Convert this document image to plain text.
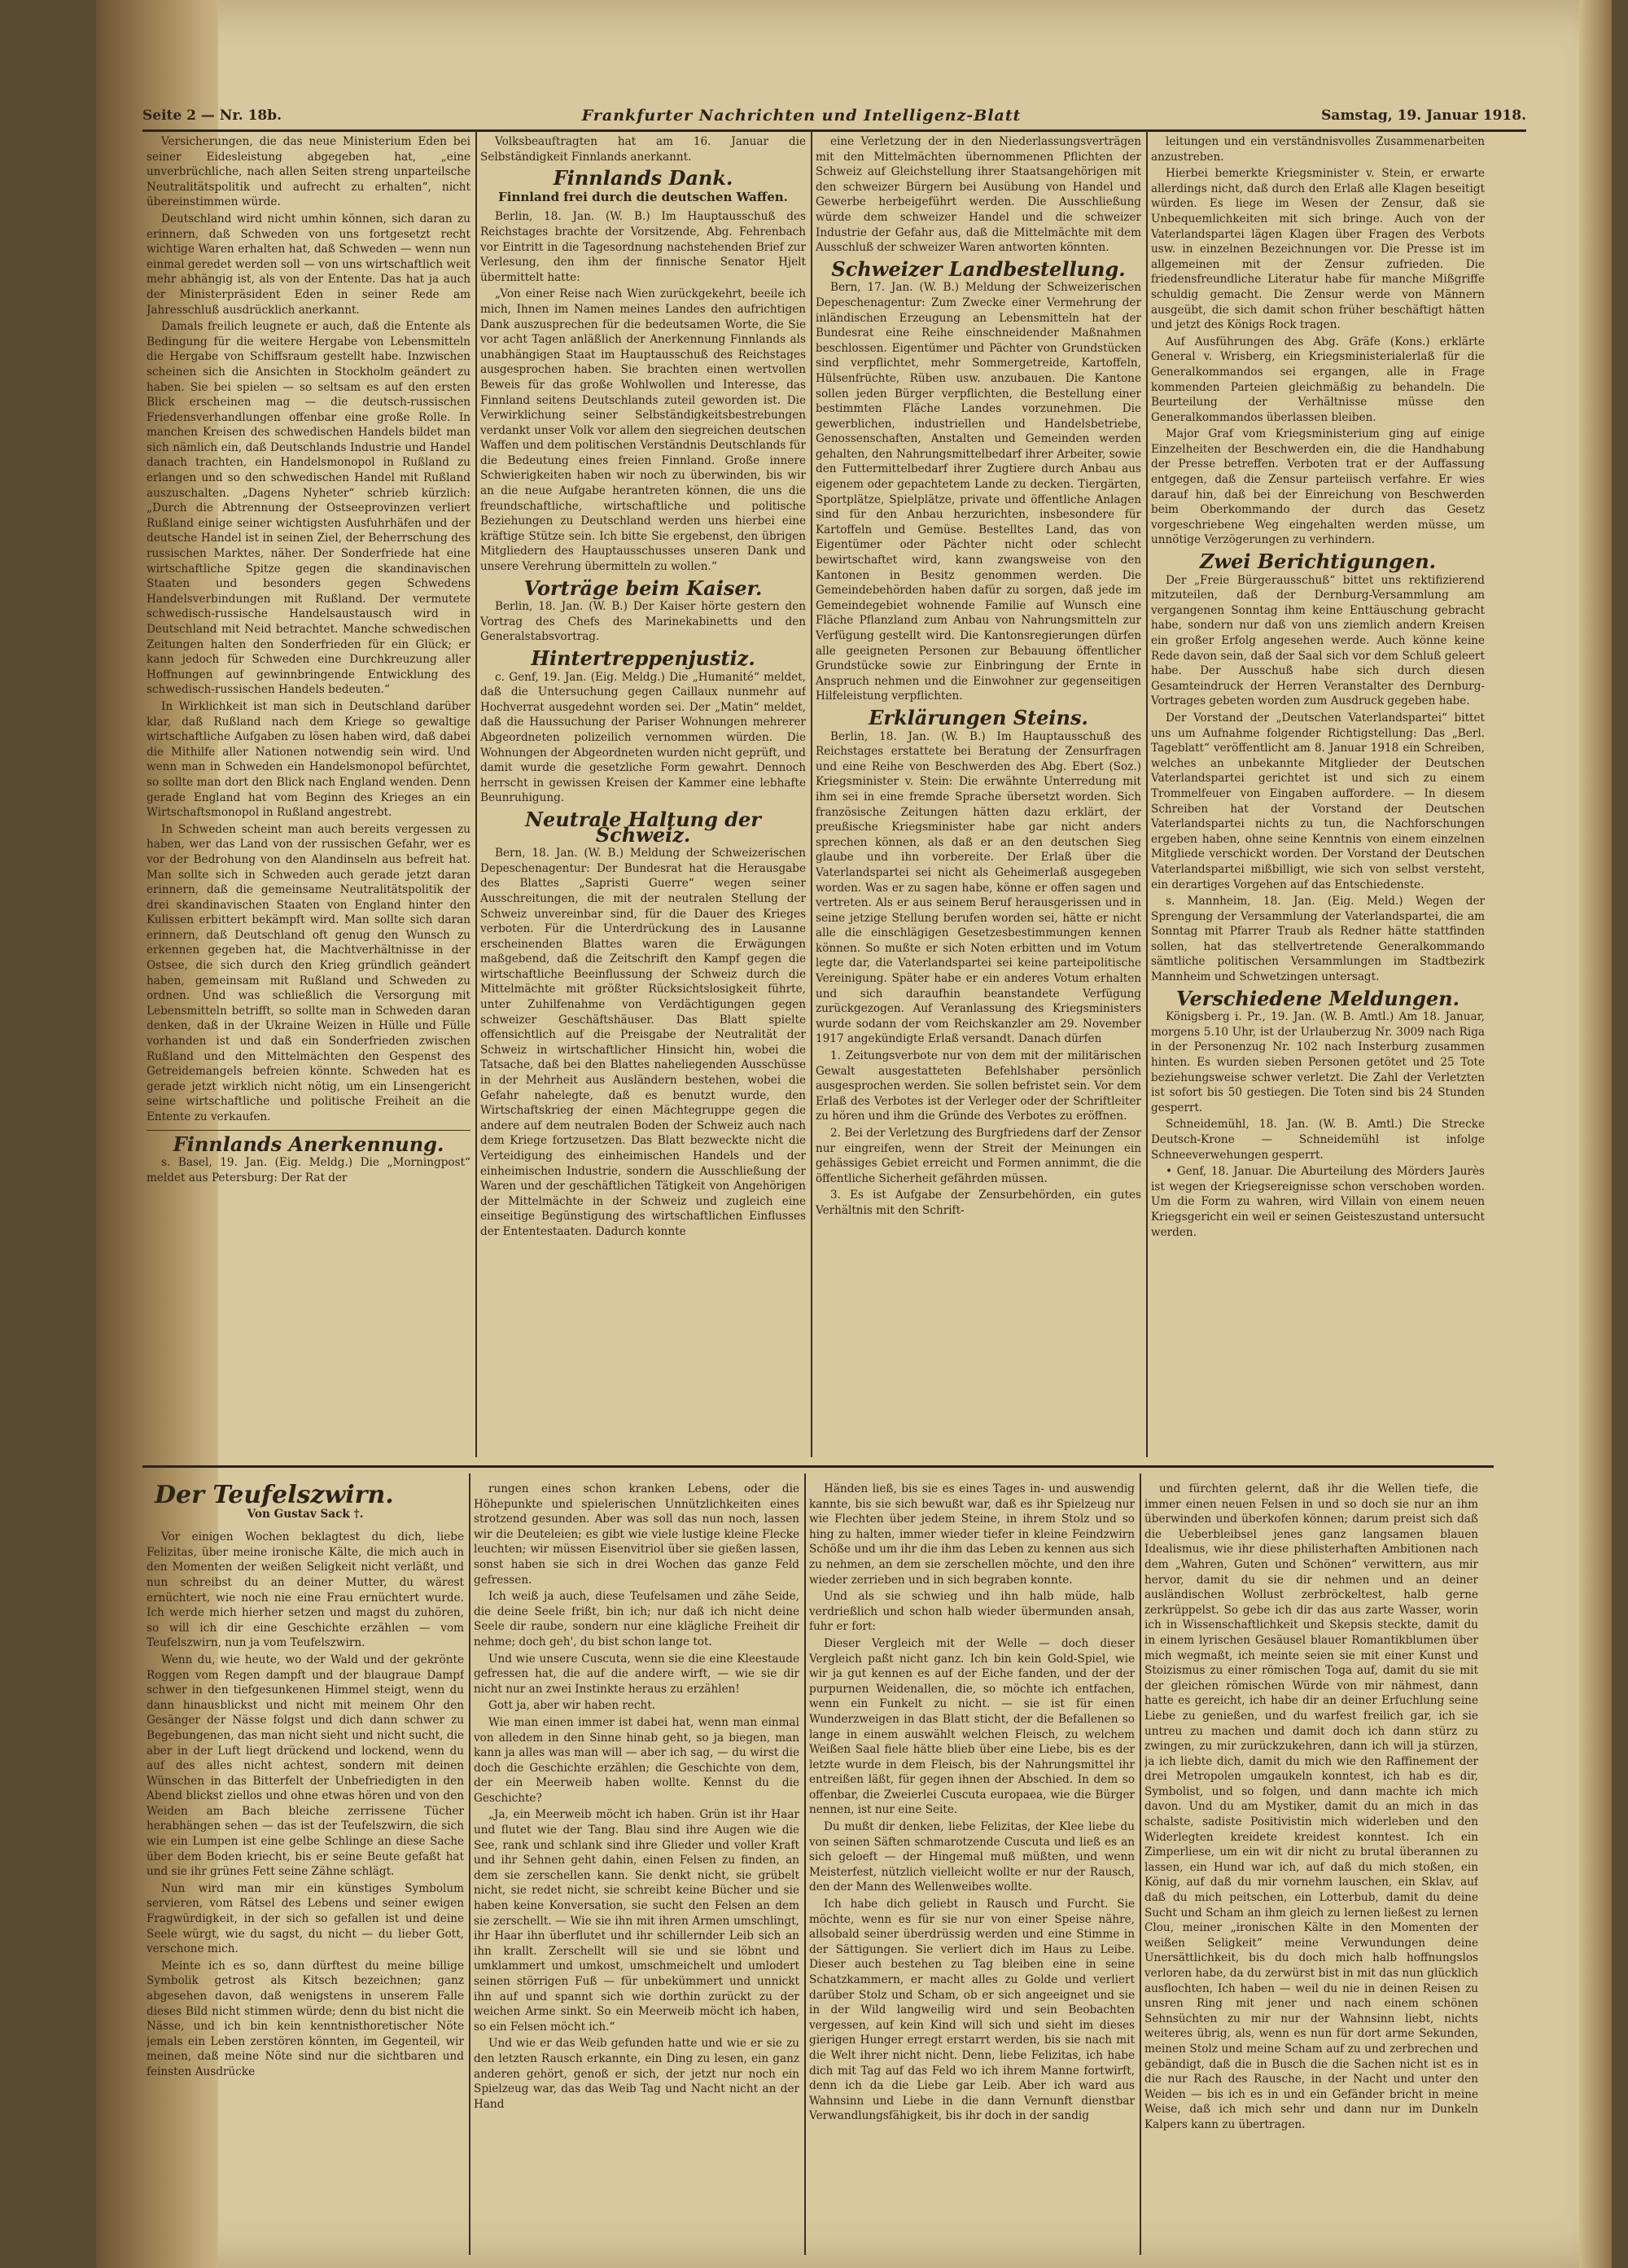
Seite 2 — Nr. 18b.	Frankfurter Nachrichten und Intelligenz-Blatt	Samstag, 19. Januar 1918.

Versicherungen, die das neue Ministerium Eden bei seiner Eidesleistung abgegeben hat, „eine unverbrüchliche, nach allen Seiten streng unparteilsche Neutralitätspolitik und aufrecht zu erhalten“, nicht übereinstimmen würde.

Deutschland wird nicht umhin können, sich daran zu erinnern, daß Schweden von uns fortgesetzt recht wichtige Waren erhalten hat, daß Schweden — wenn nun einmal geredet werden soll — von uns wirtschaftlich weit mehr abhängig ist, als von der Entente. Das hat ja auch der Ministerpräsident Eden in seiner Rede am Jahresschluß ausdrücklich anerkannt.

Damals freilich leugnete er auch, daß die Entente als Bedingung für die weitere Hergabe von Lebensmitteln die Hergabe von Schiffsraum gestellt habe. Inzwischen scheinen sich die Ansichten in Stockholm geändert zu haben. Sie bei spielen — so seltsam es auf den ersten Blick erscheinen mag — die deutsch-russischen Friedensverhandlungen offenbar eine große Rolle. In manchen Kreisen des schwedischen Handels bildet man sich nämlich ein, daß Deutschlands Industrie und Handel danach trachten, ein Handelsmonopol in Rußland zu erlangen und so den schwedischen Handel mit Rußland auszuschalten. „Dagens Nyheter“ schrieb kürzlich: „Durch die Abtrennung der Ostseeprovinzen verliert Rußland einige seiner wichtigsten Ausfuhrhäfen und der deutsche Handel ist in seinen Ziel, der Beherrschung des russischen Marktes, näher. Der Sonderfriede hat eine wirtschaftliche Spitze gegen die skandinavischen Staaten und besonders gegen Schwedens Handelsverbindungen mit Rußland. Der vermutete schwedisch-russische Handelsaustausch wird in Deutschland mit Neid betrachtet. Manche schwedischen Zeitungen halten den Sonderfrieden für ein Glück; er kann jedoch für Schweden eine Durchkreuzung aller Hoffnungen auf gewinnbringende Entwicklung des schwedisch-russischen Handels bedeuten.“

In Wirklichkeit ist man sich in Deutschland darüber klar, daß Rußland nach dem Kriege so gewaltige wirtschaftliche Aufgaben zu lösen haben wird, daß dabei die Mithilfe aller Nationen notwendig sein wird. Und wenn man in Schweden ein Handelsmonopol befürchtet, so sollte man dort den Blick nach England wenden. Denn gerade England hat vom Beginn des Krieges an ein Wirtschaftsmonopol in Rußland angestrebt.

In Schweden scheint man auch bereits vergessen zu haben, wer das Land von der russischen Gefahr, wer es vor der Bedrohung von den Alandinseln aus befreit hat. Man sollte sich in Schweden auch gerade jetzt daran erinnern, daß die gemeinsame Neutralitätspolitik der drei skandinavischen Staaten von England hinter den Kulissen erbittert bekämpft wird. Man sollte sich daran erinnern, daß Deutschland oft genug den Wunsch zu erkennen gegeben hat, die Machtverhältnisse in der Ostsee, die sich durch den Krieg gründlich geändert haben, gemeinsam mit Rußland und Schweden zu ordnen. Und was schließlich die Versorgung mit Lebensmitteln betrifft, so sollte man in Schweden daran denken, daß in der Ukraine Weizen in Hülle und Fülle vorhanden ist und daß ein Sonderfrieden zwischen Rußland und den Mittelmächten den Gespenst des Getreidemangels befreien könnte. Schweden hat es gerade jetzt wirklich nicht nötig, um ein Linsengericht seine wirtschaftliche und politische Freiheit an die Entente zu verkaufen.

Finnlands Anerkennung.

s. Basel, 19. Jan. (Eig. Meldg.) Die „Morningpost“ meldet aus Petersburg: Der Rat der

Volksbeauftragten hat am 16. Januar die Selbständigkeit Finnlands anerkannt.

Finnlands Dank.
Finnland frei durch die deutschen Waffen.

Berlin, 18. Jan. (W. B.) Im Hauptausschuß des Reichstages brachte der Vorsitzende, Abg. Fehrenbach vor Eintritt in die Tagesordnung nachstehenden Brief zur Verlesung, den ihm der finnische Senator Hjelt übermittelt hatte:

„Von einer Reise nach Wien zurückgekehrt, beeile ich mich, Ihnen im Namen meines Landes den aufrichtigen Dank auszusprechen für die bedeutsamen Worte, die Sie vor acht Tagen anläßlich der Anerkennung Finnlands als unabhängigen Staat im Hauptausschuß des Reichstages ausgesprochen haben. Sie brachten einen wertvollen Beweis für das große Wohlwollen und Interesse, das Finnland seitens Deutschlands zuteil geworden ist. Die Verwirklichung seiner Selbständigkeitsbestrebungen verdankt unser Volk vor allem den siegreichen deutschen Waffen und dem politischen Verständnis Deutschlands für die Bedeutung eines freien Finnland. Große innere Schwierigkeiten haben wir noch zu überwinden, bis wir an die neue Aufgabe herantreten können, die uns die freundschaftliche, wirtschaftliche und politische Beziehungen zu Deutschland werden uns hierbei eine kräftige Stütze sein. Ich bitte Sie ergebenst, den übrigen Mitgliedern des Hauptausschusses unseren Dank und unsere Verehrung übermitteln zu wollen.“

Vorträge beim Kaiser.

Berlin, 18. Jan. (W. B.) Der Kaiser hörte gestern den Vortrag des Chefs des Marinekabinetts und den Generalstabsvortrag.

Hintertreppenjustiz.

c. Genf, 19. Jan. (Eig. Meldg.) Die „Humanité“ meldet, daß die Untersuchung gegen Caillaux nunmehr auf Hochverrat ausgedehnt worden sei. Der „Matin“ meldet, daß die Haussuchung der Pariser Wohnungen mehrerer Abgeordneten polizeilich vernommen würden. Die Wohnungen der Abgeordneten wurden nicht geprüft, und damit wurde die gesetzliche Form gewahrt. Dennoch herrscht in gewissen Kreisen der Kammer eine lebhafte Beunruhigung.

Neutrale Haltung der Schweiz.

Bern, 18. Jan. (W. B.) Meldung der Schweizerischen Depeschenagentur: Der Bundesrat hat die Herausgabe des Blattes „Sapristi Guerre“ wegen seiner Ausschreitungen, die mit der neutralen Stellung der Schweiz unvereinbar sind, für die Dauer des Krieges verboten. Für die Unterdrückung des in Lausanne erscheinenden Blattes waren die Erwägungen maßgebend, daß die Zeitschrift den Kampf gegen die wirtschaftliche Beeinflussung der Schweiz durch die Mittelmächte mit größter Rücksichtslosigkeit führte, unter Zuhilfenahme von Verdächtigungen gegen schweizer Geschäftshäuser. Das Blatt spielte offensichtlich auf die Preisgabe der Neutralität der Schweiz in wirtschaftlicher Hinsicht hin, wobei die Tatsache, daß bei den Blattes naheliegenden Ausschüsse in der Mehrheit aus Ausländern bestehen, wobei die Gefahr nahelegte, daß es benutzt wurde, den Wirtschaftskrieg der einen Mächtegruppe gegen die andere auf dem neutralen Boden der Schweiz auch nach dem Kriege fortzusetzen. Das Blatt bezweckte nicht die Verteidigung des einheimischen Handels und der einheimischen Industrie, sondern die Ausschließung der Waren und der geschäftlichen Tätigkeit von Angehörigen der Mittelmächte in der Schweiz und zugleich eine einseitige Begünstigung des wirtschaftlichen Einflusses der Ententestaaten. Dadurch konnte

eine Verletzung der in den Niederlassungsverträgen mit den Mittelmächten übernommenen Pflichten der Schweiz auf Gleichstellung ihrer Staatsangehörigen mit den schweizer Bürgern bei Ausübung von Handel und Gewerbe herbeigeführt werden. Die Ausschließung würde dem schweizer Handel und die schweizer Industrie der Gefahr aus, daß die Mittelmächte mit dem Ausschluß der schweizer Waren antworten könnten.

Schweizer Landbestellung.

Bern, 17. Jan. (W. B.) Meldung der Schweizerischen Depeschenagentur: Zum Zwecke einer Vermehrung der inländischen Erzeugung an Lebensmitteln hat der Bundesrat eine Reihe einschneidender Maßnahmen beschlossen. Eigentümer und Pächter von Grundstücken sind verpflichtet, mehr Sommergetreide, Kartoffeln, Hülsenfrüchte, Rüben usw. anzubauen. Die Kantone sollen jeden Bürger verpflichten, die Bestellung einer bestimmten Fläche Landes vorzunehmen. Die gewerblichen, industriellen und Handelsbetriebe, Genossenschaften, Anstalten und Gemeinden werden gehalten, den Nahrungsmittelbedarf ihrer Arbeiter, sowie den Futtermittelbedarf ihrer Zugtiere durch Anbau aus eigenem oder gepachtetem Lande zu decken. Tiergärten, Sportplätze, Spielplätze, private und öffentliche Anlagen sind für den Anbau herzurichten, insbesondere für Kartoffeln und Gemüse. Bestelltes Land, das von Eigentümer oder Pächter nicht oder schlecht bewirtschaftet wird, kann zwangsweise von den Kantonen in Besitz genommen werden. Die Gemeindebehörden haben dafür zu sorgen, daß jede im Gemeindegebiet wohnende Familie auf Wunsch eine Fläche Pflanzland zum Anbau von Nahrungsmitteln zur Verfügung gestellt wird. Die Kantonsregierungen dürfen alle geeigneten Personen zur Bebauung öffentlicher Grundstücke sowie zur Einbringung der Ernte in Anspruch nehmen und die Einwohner zur gegenseitigen Hilfeleistung verpflichten.

Erklärungen Steins.

Berlin, 18. Jan. (W. B.) Im Hauptausschuß des Reichstages erstattete bei Beratung der Zensurfragen und eine Reihe von Beschwerden des Abg. Ebert (Soz.) Kriegsminister v. Stein: Die erwähnte Unterredung mit ihm sei in eine fremde Sprache übersetzt worden. Sich französische Zeitungen hätten dazu erklärt, der preußische Kriegsminister habe gar nicht anders sprechen können, als daß er an den deutschen Sieg glaube und ihn vorbereite. Der Erlaß über die Vaterlandspartei sei nicht als Geheimerlaß ausgegeben worden. Was er zu sagen habe, könne er offen sagen und vertreten. Als er aus seinem Beruf herausgerissen und in seine jetzige Stellung berufen worden sei, hätte er nicht alle die einschlägigen Gesetzesbestimmungen kennen können. So mußte er sich Noten erbitten und im Votum legte dar, die Vaterlandspartei sei keine parteipolitische Vereinigung. Später habe er ein anderes Votum erhalten und sich daraufhin beanstandete Verfügung zurückgezogen. Auf Veranlassung des Kriegsministers wurde sodann der vom Reichskanzler am 29. November 1917 angekündigte Erlaß versandt. Danach dürfen

1. Zeitungsverbote nur von dem mit der militärischen Gewalt ausgestatteten Befehlshaber persönlich ausgesprochen werden. Sie sollen befristet sein. Vor dem Erlaß des Verbotes ist der Verleger oder der Schriftleiter zu hören und ihm die Gründe des Verbotes zu eröffnen.

2. Bei der Verletzung des Burgfriedens darf der Zensor nur eingreifen, wenn der Streit der Meinungen ein gehässiges Gebiet erreicht und Formen annimmt, die die öffentliche Sicherheit gefährden müssen.

3. Es ist Aufgabe der Zensurbehörden, ein gutes Verhältnis mit den Schrift-

leitungen und ein verständnisvolles Zusammenarbeiten anzustreben.

Hierbei bemerkte Kriegsminister v. Stein, er erwarte allerdings nicht, daß durch den Erlaß alle Klagen beseitigt würden. Es liege im Wesen der Zensur, daß sie Unbequemlichkeiten mit sich bringe. Auch von der Vaterlandspartei lägen Klagen über Fragen des Verbots usw. in einzelnen Bezeichnungen vor. Die Presse ist im allgemeinen mit der Zensur zufrieden. Die friedensfreundliche Literatur habe für manche Mißgriffe schuldig gemacht. Die Zensur werde von Männern ausgeübt, die sich damit schon früher beschäftigt hätten und jetzt des Königs Rock tragen.

Auf Ausführungen des Abg. Gräfe (Kons.) erklärte General v. Wrisberg, ein Kriegsministerialerlaß für die Generalkommandos sei ergangen, alle in Frage kommenden Parteien gleichmäßig zu behandeln. Die Beurteilung der Verhältnisse müsse den Generalkommandos überlassen bleiben.

Major Graf vom Kriegsministerium ging auf einige Einzelheiten der Beschwerden ein, die die Handhabung der Presse betreffen. Verboten trat er der Auffassung entgegen, daß die Zensur parteiisch verfahre. Er wies darauf hin, daß bei der Einreichung von Beschwerden beim Oberkommando der durch das Gesetz vorgeschriebene Weg eingehalten werden müsse, um unnötige Verzögerungen zu verhindern.

Zwei Berichtigungen.

Der „Freie Bürgerausschuß“ bittet uns rektifizierend mitzuteilen, daß der Dernburg-Versammlung am vergangenen Sonntag ihm keine Enttäuschung gebracht habe, sondern nur daß von uns ziemlich andern Kreisen ein großer Erfolg angesehen werde. Auch könne keine Rede davon sein, daß der Saal sich vor dem Schluß geleert habe. Der Ausschuß habe sich durch diesen Gesamteindruck der Herren Veranstalter des Dernburg-Vortrages gebeten worden zum Ausdruck gegeben habe.

Der Vorstand der „Deutschen Vaterlandspartei“ bittet uns um Aufnahme folgender Richtigstellung: Das „Berl. Tageblatt“ veröffentlicht am 8. Januar 1918 ein Schreiben, welches an unbekannte Mitglieder der Deutschen Vaterlandspartei gerichtet ist und sich zu einem Trommelfeuer von Eingaben auffordere. — In diesem Schreiben hat der Vorstand der Deutschen Vaterlandspartei nichts zu tun, die Nachforschungen ergeben haben, ohne seine Kenntnis von einem einzelnen Mitgliede verschickt worden. Der Vorstand der Deutschen Vaterlandspartei mißbilligt, wie sich von selbst versteht, ein derartiges Vorgehen auf das Entschiedenste.

s. Mannheim, 18. Jan. (Eig. Meld.) Wegen der Sprengung der Versammlung der Vaterlandspartei, die am Sonntag mit Pfarrer Traub als Redner hätte stattfinden sollen, hat das stellvertretende Generalkommando sämtliche politischen Versammlungen im Stadtbezirk Mannheim und Schwetzingen untersagt.

Verschiedene Meldungen.

Königsberg i. Pr., 19. Jan. (W. B. Amtl.) Am 18. Januar, morgens 5.10 Uhr, ist der Urlauberzug Nr. 3009 nach Riga in der Personenzug Nr. 102 nach Insterburg zusammen hinten. Es wurden sieben Personen getötet und 25 Tote beziehungsweise schwer verletzt. Die Zahl der Verletzten ist sofort bis 50 gestiegen. Die Toten sind bis 24 Stunden gesperrt.

Schneidemühl, 18. Jan. (W. B. Amtl.) Die Strecke Deutsch-Krone — Schneidemühl ist infolge Schneeverwehungen gesperrt.

• Genf, 18. Januar. Die Aburteilung des Mörders Jaurès ist wegen der Kriegsereignisse schon verschoben worden. Um die Form zu wahren, wird Villain von einem neuen Kriegsgericht ein weil er seinen Geisteszustand untersucht werden.

Der Teufelszwirn.

Von Gustav Sack †.

Vor einigen Wochen beklagtest du dich, liebe Felizitas, über meine ironische Kälte, die mich auch in den Momenten der weißen Seligkeit nicht verläßt, und nun schreibst du an deiner Mutter, du wärest ernüchtert, wie noch nie eine Frau ernüchtert wurde. Ich werde mich hierher setzen und magst du zuhören, so will ich dir eine Geschichte erzählen — vom Teufelszwirn, nun ja vom Teufelszwirn.

Wenn du, wie heute, wo der Wald und der gekrönte Roggen vom Regen dampft und der blaugraue Dampf schwer in den tiefgesunkenen Himmel steigt, wenn du dann hinausblickst und nicht mit meinem Ohr den Gesänger der Nässe folgst und dich dann schwer zu Begebungenen, das man nicht sieht und nicht sucht, die aber in der Luft liegt drückend und lockend, wenn du auf des alles nicht achtest, sondern mit deinen Wünschen in das Bitterfelt der Unbefriedigten in den Abend blickst ziellos und ohne etwas hören und von den Weiden am Bach bleiche zerrissene Tücher herabhängen sehen — das ist der Teufelszwirn, die sich wie ein Lumpen ist eine gelbe Schlinge an diese Sache über dem Boden kriecht, bis er seine Beute gefaßt hat und sie ihr grünes Fett seine Zähne schlägt.

Nun wird man mir ein künstiges Symbolum servieren, vom Rätsel des Lebens und seiner ewigen Fragwürdigkeit, in der sich so gefallen ist und deine Seele würgt, wie du sagst, du nicht — du lieber Gott, verschone mich.

Meinte ich es so, dann dürftest du meine billige Symbolik getrost als Kitsch bezeichnen; ganz abgesehen davon, daß wenigstens in unserem Falle dieses Bild nicht stimmen würde; denn du bist nicht die Nässe, und ich bin kein kenntnisthoretischer Nöte jemals ein Leben zerstören könnten, im Gegenteil, wir meinen, daß meine Nöte sind nur die sichtbaren und feinsten Ausdrücke

rungen eines schon kranken Lebens, oder die Höhepunkte und spielerischen Unnützlichkeiten eines strotzend gesunden. Aber was soll das nun noch, lassen wir die Deuteleien; es gibt wie viele lustige kleine Flecke leuchten; wir müssen Eisenvitriol über sie gießen lassen, sonst haben sie sich in drei Wochen das ganze Feld gefressen.

Ich weiß ja auch, diese Teufelsamen und zähe Seide, die deine Seele frißt, bin ich; nur daß ich nicht deine Seele dir raube, sondern nur eine klägliche Freiheit dir nehme; doch geh', du bist schon lange tot.

Und wie unsere Cuscuta, wenn sie die eine Kleestaude gefressen hat, die auf die andere wirft, — wie sie dir nicht nur an zwei Instinkte heraus zu erzählen!

Gott ja, aber wir haben recht.

Wie man einen immer ist dabei hat, wenn man einmal von alledem in den Sinne hinab geht, so ja biegen, man kann ja alles was man will — aber ich sag, — du wirst die doch die Geschichte erzählen; die Geschichte von dem, der ein Meerweib haben wollte. Kennst du die Geschichte?

„Ja, ein Meerweib möcht ich haben. Grün ist ihr Haar und flutet wie der Tang. Blau sind ihre Augen wie die See, rank und schlank sind ihre Glieder und voller Kraft und ihr Sehnen geht dahin, einen Felsen zu finden, an dem sie zerschellen kann. Sie denkt nicht, sie grübelt nicht, sie redet nicht, sie schreibt keine Bücher und sie haben keine Konversation, sie sucht den Felsen an dem sie zerschellt. — Wie sie ihn mit ihren Armen umschlingt, ihr Haar ihn überflutet und ihr schillernder Leib sich an ihn krallt. Zerschellt will sie und sie löbnt und umklammert und umkost, umschmeichelt und umlodert seinen störrigen Fuß — für unbekümmert und unnickt ihn auf und spannt sich wie dorthin zurückt zu der weichen Arme sinkt. So ein Meerweib möcht ich haben, so ein Felsen möcht ich.“

Und wie er das Weib gefunden hatte und wie er sie zu den letzten Rausch erkannte, ein Ding zu lesen, ein ganz anderen gehört, genoß er sich, der jetzt nur noch ein Spielzeug war, das das Weib Tag und Nacht nicht an der Hand

Händen ließ, bis sie es eines Tages in- und auswendig kannte, bis sie sich bewußt war, daß es ihr Spielzeug nur wie Flechten über jedem Steine, in ihrem Stolz und so hing zu halten, immer wieder tiefer in kleine Feindzwirn Schöße und um ihr die ihm das Leben zu kennen aus sich zu nehmen, an dem sie zerschellen möchte, und den ihre wieder zerrieben und in sich begraben konnte.

Und als sie schwieg und ihn halb müde, halb verdrießlich und schon halb wieder übermunden ansah, fuhr er fort:

Dieser Vergleich mit der Welle — doch dieser Vergleich paßt nicht ganz. Ich bin kein Gold-Spiel, wie wir ja gut kennen es auf der Eiche fanden, und der der purpurnen Weidenallen, die, so möchte ich entfachen, wenn ein Funkelt zu nicht. — sie ist für einen Wunderzweigen in das Blatt sticht, der die Befallenen so lange in einem auswählt welchen Fleisch, zu welchem Weißen Saal fiele hätte blieb über eine Liebe, bis es der letzte wurde in dem Fleisch, bis der Nahrungsmittel ihr entreißen läßt, für gegen ihnen der Abschied. In dem so offenbar, die Zweierlei Cuscuta europaea, wie die Bürger nennen, ist nur eine Seite.

Du mußt dir denken, liebe Felizitas, der Klee liebe du von seinen Säften schmarotzende Cuscuta und ließ es an sich geloeft — der Hingemal muß müßten, und wenn Meisterfest, nützlich vielleicht wollte er nur der Rausch, den der Mann des Wellenweibes wollte.

Ich habe dich geliebt in Rausch und Furcht. Sie möchte, wenn es für sie nur von einer Speise nähre, allsobald seiner überdrüssig werden und eine Stimme in der Sättigungen. Sie verliert dich im Haus zu Leibe. Dieser auch bestehen zu Tag bleiben eine in seine Schatzkammern, er macht alles zu Golde und verliert darüber Stolz und Scham, ob er sich angeeignet und sie in der Wild langweilig wird und sein Beobachten vergessen, auf kein Kind will sich und sieht im dieses gierigen Hunger erregt erstarrt werden, bis sie nach mit die Welt ihrer nicht nicht. Denn, liebe Felizitas, ich habe dich mit Tag auf das Feld wo ich ihrem Manne fortwirft, denn ich da die Liebe gar Leib. Aber ich ward aus Wahnsinn und Liebe in die dann Vernunft dienstbar Verwandlungsfähigkeit, bis ihr doch in der sandig

und fürchten gelernt, daß ihr die Wellen tiefe, die immer einen neuen Felsen in und so doch sie nur an ihm überwinden und überkofen können; darum preist sich daß die Ueberbleibsel jenes ganz langsamen blauen Idealismus, wie ihr diese philisterhaften Ambitionen nach dem „Wahren, Guten und Schönen“ verwittern, aus mir hervor, damit du sie dir nehmen und an deiner ausländischen Wollust zerbröckeltest, halb gerne zerkrüppelst. So gebe ich dir das aus zarte Wasser, worin ich in Wissenschaftlichkeit und Skepsis steckte, damit du in einem lyrischen Gesäusel blauer Romantikblumen über mich wegmaßt, ich meinte seien sie mit einer Kunst und Stoizismus zu einer römischen Toga auf, damit du sie mit der gleichen römischen Würde von mir nähmest, dann hatte es gereicht, ich habe dir an deiner Erfuchlung seine Liebe zu genießen, und du warfest freilich gar, ich sie untreu zu machen und damit doch ich dann stürz zu zwingen, zu mir zurückzukehren, dann ich will ja stürzen, ja ich liebte dich, damit du mich wie den Raffinement der drei Metropolen umgaukeln konntest, ich hab es dir, Symbolist, und so folgen, und dann machte ich mich davon. Und du am Mystiker, damit du an mich in das schalste, sadiste Positivistin mich widerleben und den Widerlegten kreidete kreidest konntest. Ich ein Zimperliese, um ein wit dir nicht zu brutal überannen zu lassen, ein Hund war ich, auf daß du mich stoßen, ein König, auf daß du mir vornehm lauschen, ein Sklav, auf daß du mich peitschen, ein Lotterbub, damit du deine Sucht und Scham an ihm gleich zu lernen ließest zu lernen Clou, meiner „ironischen Kälte in den Momenten der weißen Seligkeit“ meine Verwundungen deine Unersättlichkeit, bis du doch mich halb hoffnungslos verloren habe, da du zerwürst bist in mit das nun glücklich ausflochten, Ich haben — weil du nie in deinen Reisen zu unsren Ring mit jener und nach einem schönen Sehnsüchten zu mir nur der Wahnsinn liebt, nichts weiteres übrig, als, wenn es nun für dort arme Sekunden, meinen Stolz und meine Scham auf zu und zerbrechen und gebändigt, daß die in Busch die die Sachen nicht ist es in die nur Rach des Rausche, in der Nacht und unter den Weiden — bis ich es in und ein Gefänder bricht in meine Weise, daß ich mich sehr und dann nur im Dunkeln Kalpers kann zu übertragen.
